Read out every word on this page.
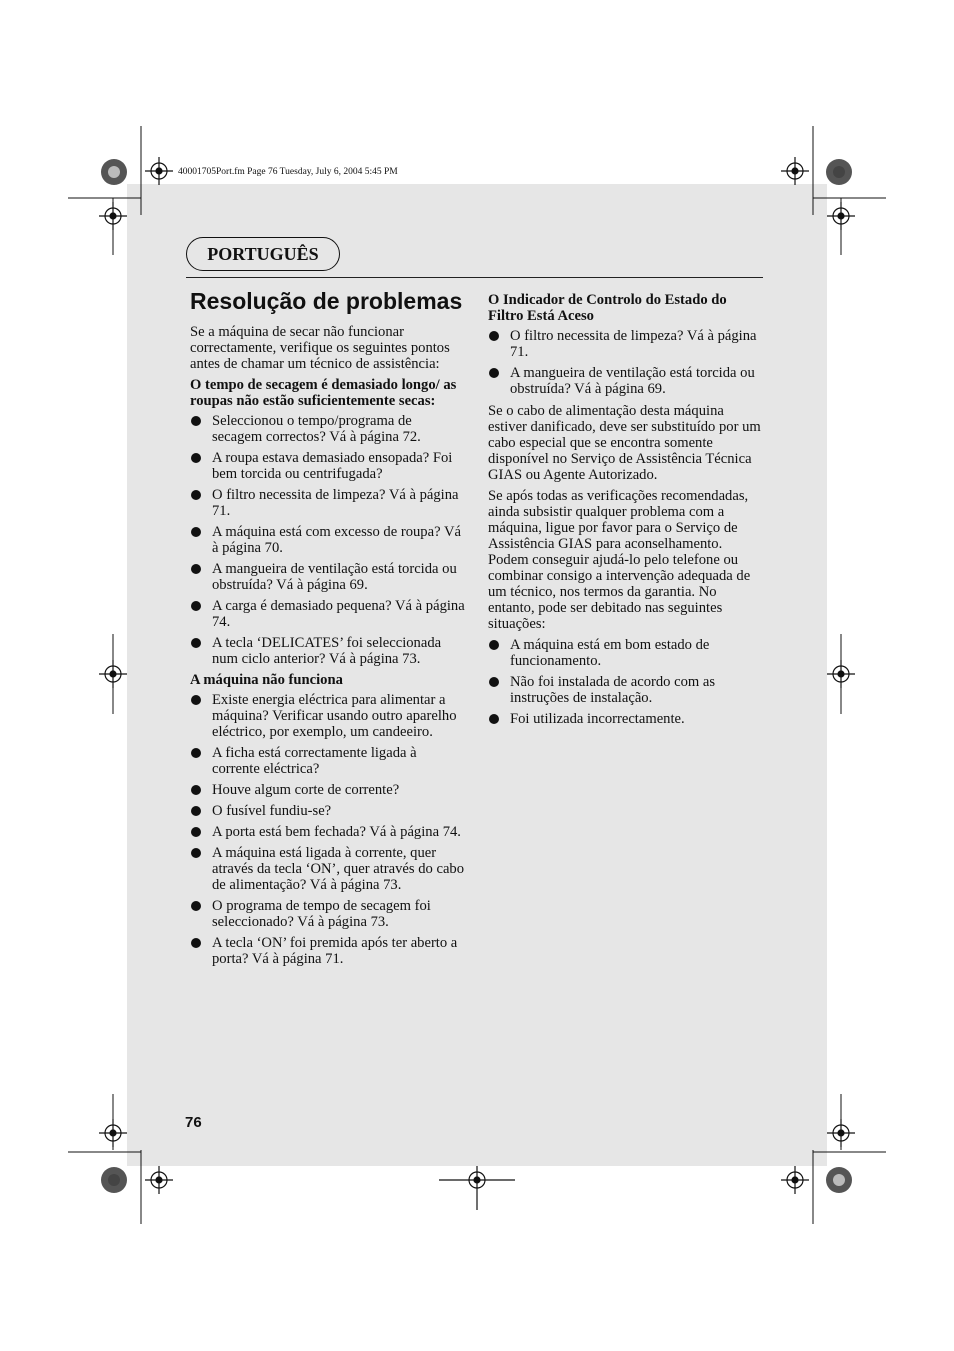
40001705Port.fm Page 76 Tuesday, July 6, 2004 5:45 PM
PORTUGUÊS
Resolução de problemas

Se a máquina de secar não funcionar correctamente, verifique os seguintes pontos antes de chamar um técnico de assistência:

O tempo de secagem é demasiado longo/ as roupas não estão suficientemente secas:

Seleccionou o tempo/programa de secagem correctos? Vá à página 72.
A roupa estava demasiado ensopada? Foi bem torcida ou centrifugada?
O filtro necessita de limpeza? Vá à página 71.
A máquina está com excesso de roupa? Vá à página 70.
A mangueira de ventilação está torcida ou obstruída? Vá à página 69.
A carga é demasiado pequena? Vá à página 74.
A tecla ‘DELICATES’ foi seleccionada num ciclo anterior? Vá à página 73.

A máquina não funciona

Existe energia eléctrica para alimentar a máquina? Verificar usando outro aparelho eléctrico, por exemplo, um candeeiro.
A ficha está correctamente ligada à corrente eléctrica?
Houve algum corte de corrente?
O fusível fundiu-se?
A porta está bem fechada? Vá à página 74.
A máquina está ligada à corrente, quer através da tecla ‘ON’, quer através do cabo de alimentação? Vá à página 73.
O programa de tempo de secagem foi seleccionado? Vá à página 73.
A tecla ‘ON’ foi premida após ter aberto a porta? Vá à página 71.

O Indicador de Controlo do Estado do Filtro Está Aceso

O filtro necessita de limpeza? Vá à página 71.
A mangueira de ventilação está torcida ou obstruída? Vá à página 69.

Se o cabo de alimentação desta máquina estiver danificado, deve ser substituído por um cabo especial que se encontra somente disponível no Serviço de Assistência Técnica GIAS ou Agente Autorizado.

Se após todas as verificações recomendadas, ainda subsistir qualquer problema com a máquina, ligue por favor para o Serviço de Assistência GIAS para aconselhamento. Podem conseguir ajudá-lo pelo telefone ou combinar consigo a intervenção adequada de um técnico, nos termos da garantia. No entanto, pode ser debitado nas seguintes situações:

A máquina está em bom estado de funcionamento.
Não foi instalada de acordo com as instruções de instalação.
Foi utilizada incorrectamente.
76
